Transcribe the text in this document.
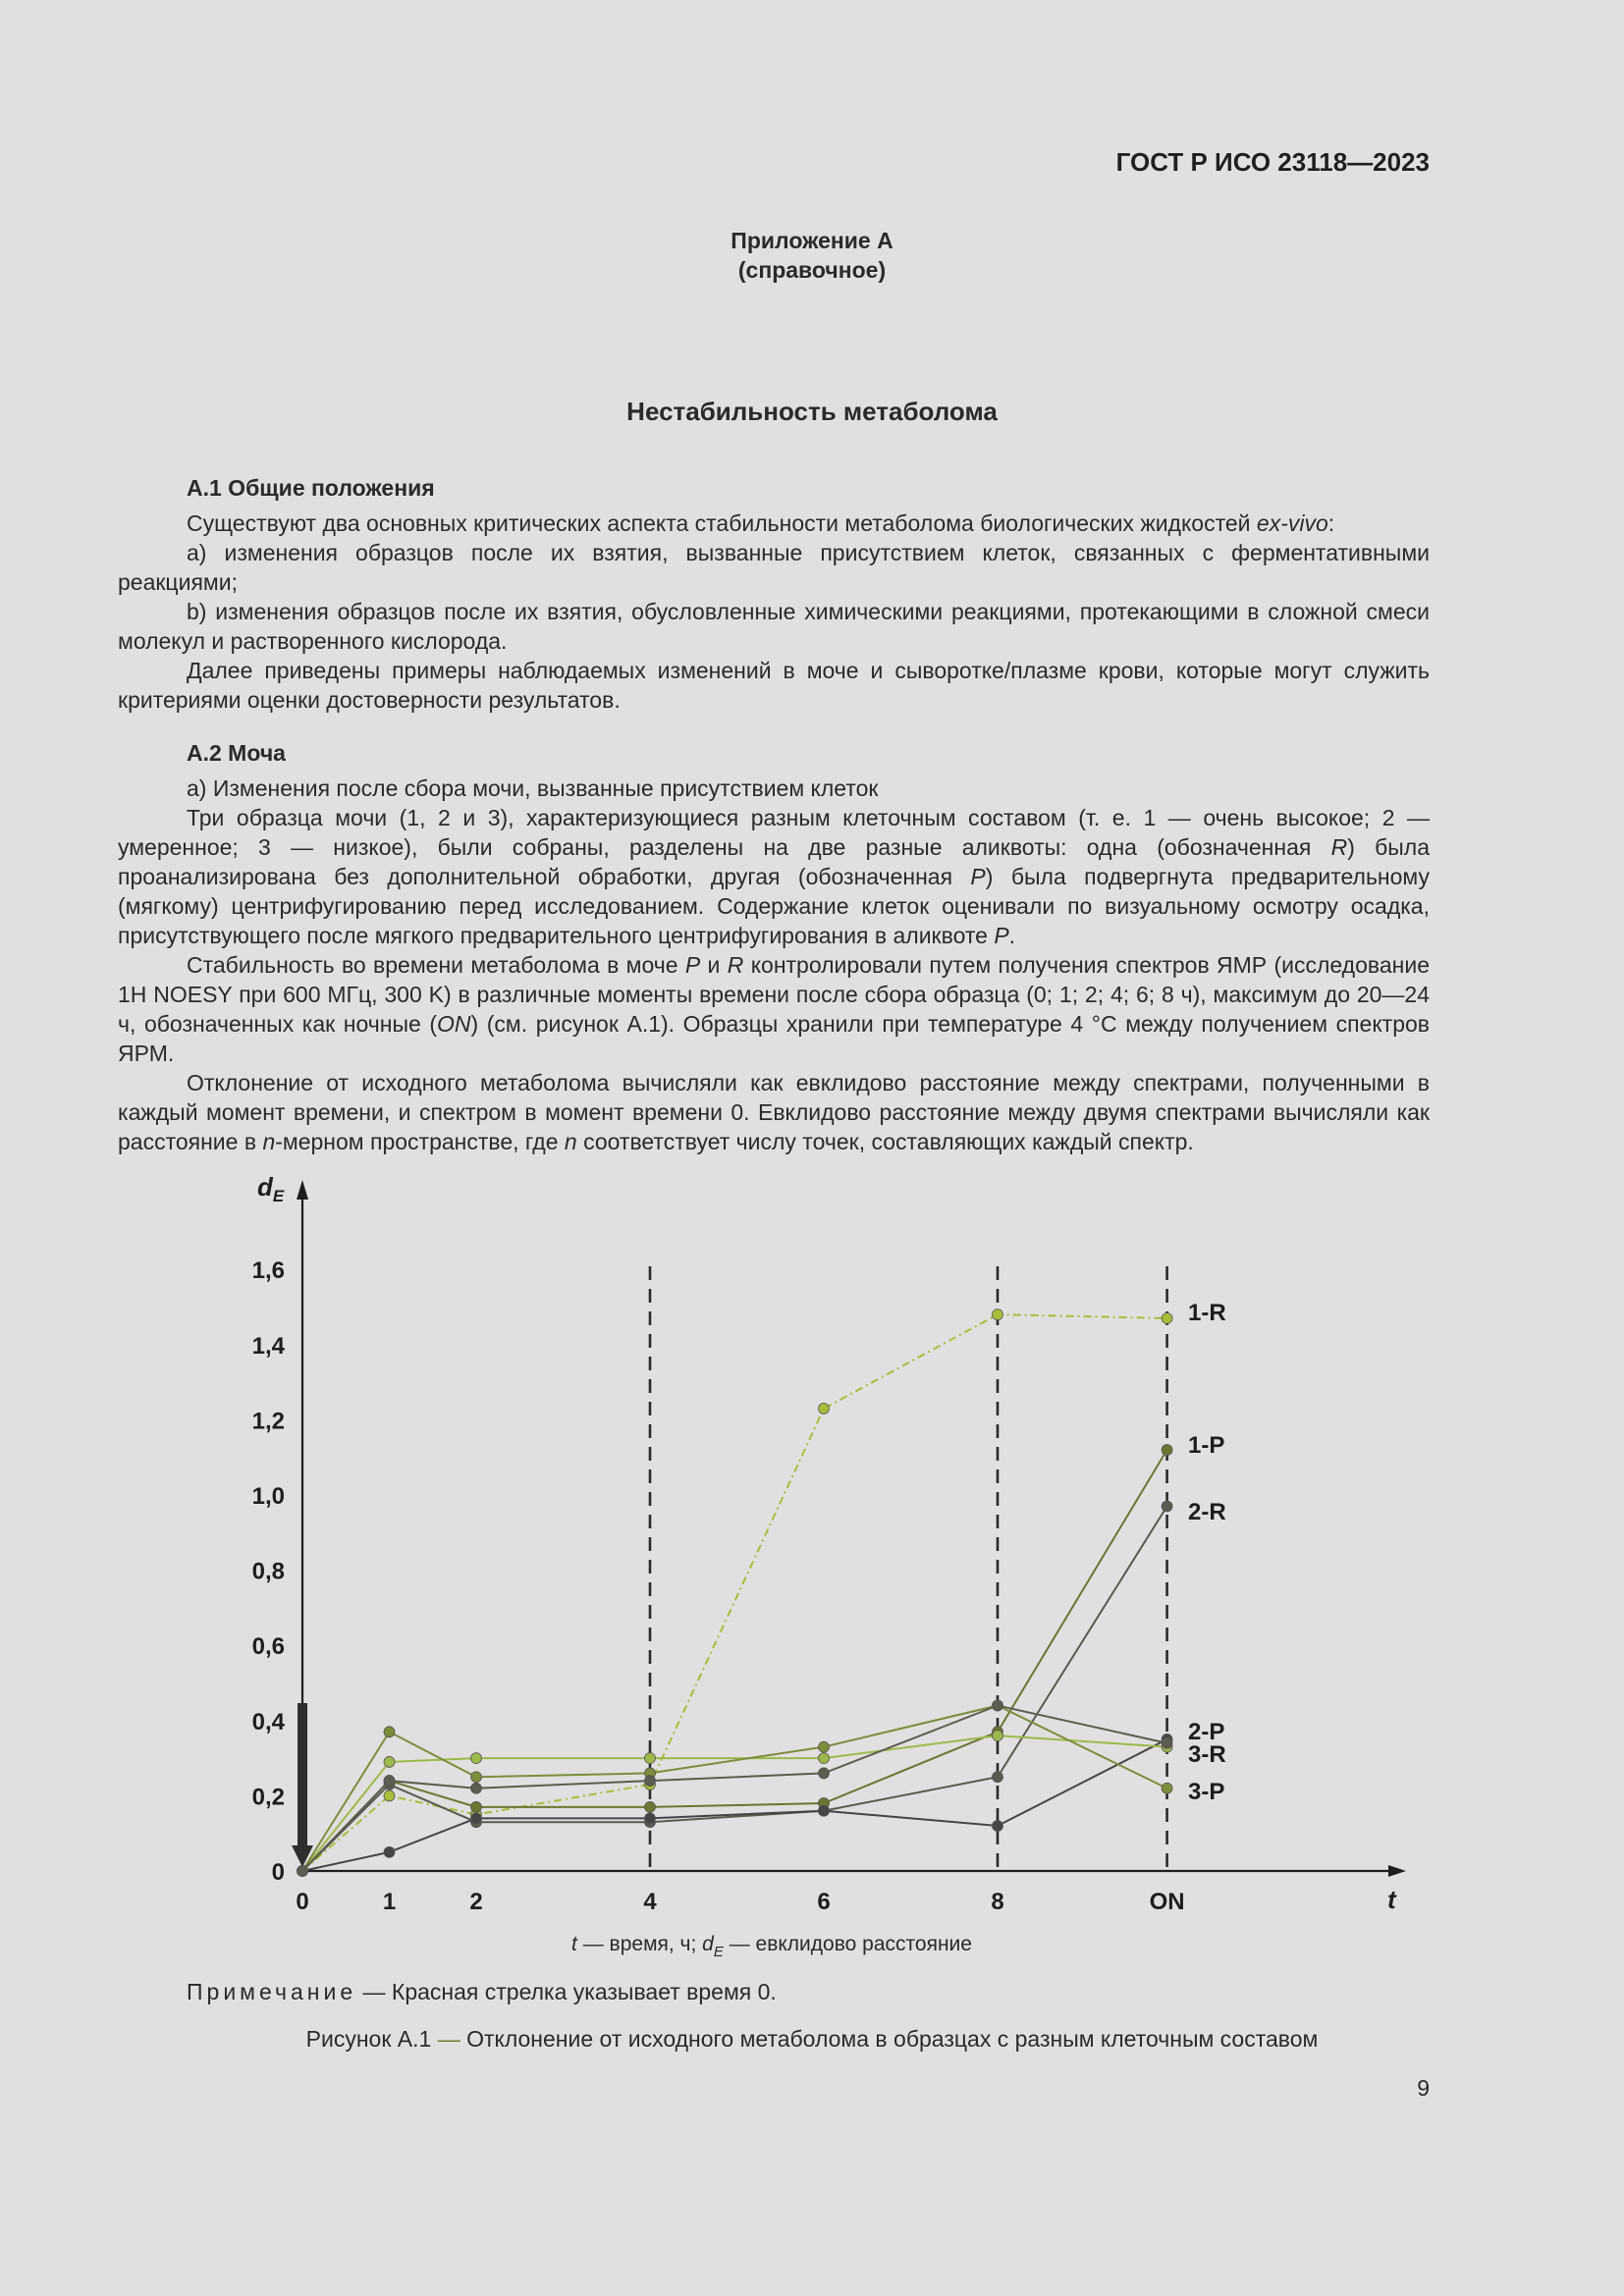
ГОСТ Р ИСО 23118—2023
Приложение А
(справочное)
Нестабильность метаболома
А.1 Общие положения
Существуют два основных критических аспекта стабильности метаболома биологических жидкостей ex-vivo:
a) изменения образцов после их взятия, вызванные присутствием клеток, связанных с ферментативными реакциями;
b) изменения образцов после их взятия, обусловленные химическими реакциями, протекающими в сложной смеси молекул и растворенного кислорода.
Далее приведены примеры наблюдаемых изменений в моче и сыворотке/плазме крови, которые могут служить критериями оценки достоверности результатов.
А.2 Моча
a) Изменения после сбора мочи, вызванные присутствием клеток
Три образца мочи (1, 2 и 3), характеризующиеся разным клеточным составом (т. е. 1 — очень высокое; 2 — умеренное; 3 — низкое), были собраны, разделены на две разные аликвоты: одна (обозначенная R) была проанализирована без дополнительной обработки, другая (обозначенная P) была подвергнута предварительному (мягкому) центрифугированию перед исследованием. Содержание клеток оценивали по визуальному осмотру осадка, присутствующего после мягкого предварительного центрифугирования в аликвоте P.
Стабильность во времени метаболома в моче P и R контролировали путем получения спектров ЯМР (исследование 1H NOESY при 600 МГц, 300 K) в различные моменты времени после сбора образца (0; 1; 2; 4; 6; 8 ч), максимум до 20—24 ч, обозначенных как ночные (ON) (см. рисунок А.1). Образцы хранили при температуре 4 °С между получением спектров ЯРМ.
Отклонение от исходного метаболома вычисляли как евклидово расстояние между спектрами, полученными в каждый момент времени, и спектром в момент времени 0. Евклидово расстояние между двумя спектрами вычисляли как расстояние в n-мерном пространстве, где n соответствует числу точек, составляющих каждый спектр.
$d_E$
t
0
0,2
0,4
0,6
0,8
1,0
1,2
1,4
1,6
0	1	2	4	6	8	ON
1-R
1-P
2-R
2-P
3-R
3-P
t — время, ч; $d_E$ — евклидово расстояние
Примечание — Красная стрелка указывает время 0.
Рисунок А.1 — Отклонение от исходного метаболома в образцах с разным клеточным составом
9
